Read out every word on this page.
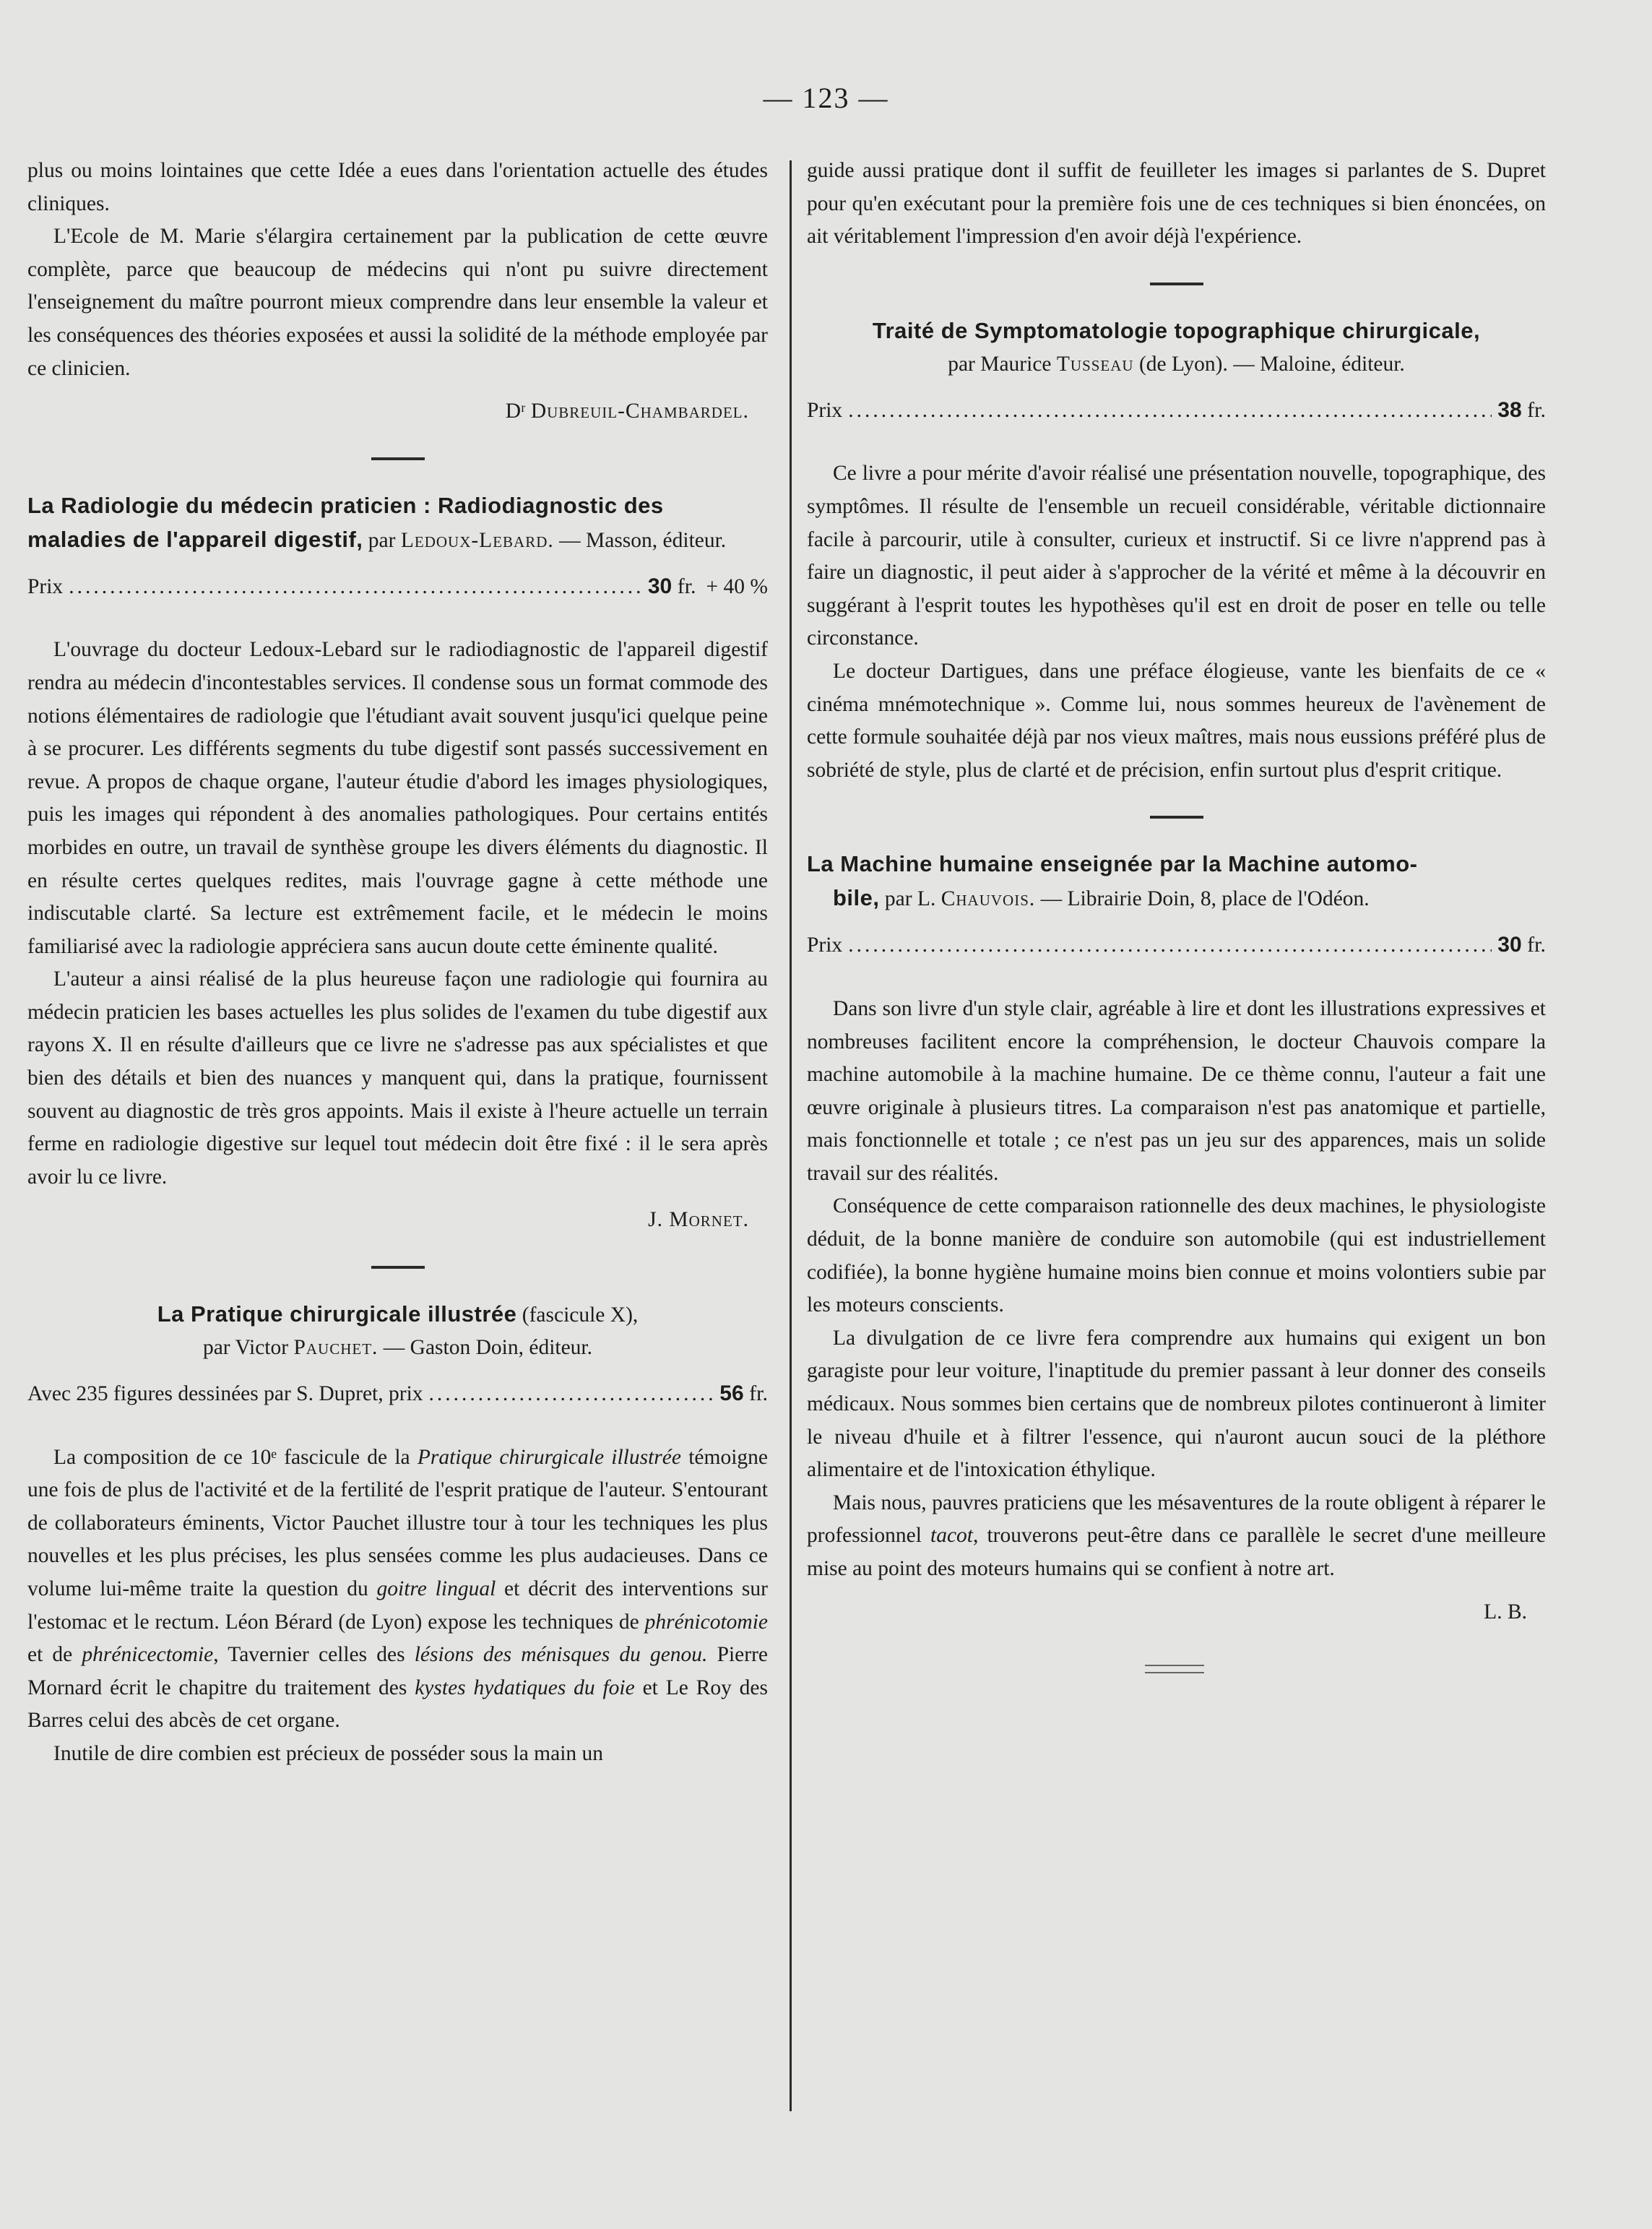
— 123 —

plus ou moins lointaines que cette Idée a eues dans l'orientation actuelle des études cliniques.

L'Ecole de M. Marie s'élargira certainement par la publication de cette œuvre complète, parce que beaucoup de médecins qui n'ont pu suivre directement l'enseignement du maître pourront mieux comprendre dans leur ensemble la valeur et les conséquences des théories exposées et aussi la solidité de la méthode employée par ce clinicien.

Dʳ Dubreuil-Chambardel.

La Radiologie du médecin praticien : Radiodiagnostic des maladies de l'appareil digestif, par Ledoux-Lebard. — Masson, éditeur.

Prix .....	30 fr. + 40 %

L'ouvrage du docteur Ledoux-Lebard sur le radiodiagnostic de l'appareil digestif rendra au médecin d'incontestables services. Il condense sous un format commode des notions élémentaires de radiologie que l'étudiant avait souvent jusqu'ici quelque peine à se procurer. Les différents segments du tube digestif sont passés successivement en revue. A propos de chaque organe, l'auteur étudie d'abord les images physiologiques, puis les images qui répondent à des anomalies pathologiques. Pour certains entités morbides en outre, un travail de synthèse groupe les divers éléments du diagnostic. Il en résulte certes quelques redites, mais l'ouvrage gagne à cette méthode une indiscutable clarté. Sa lecture est extrêmement facile, et le médecin le moins familiarisé avec la radiologie appréciera sans aucun doute cette éminente qualité.

L'auteur a ainsi réalisé de la plus heureuse façon une radiologie qui fournira au médecin praticien les bases actuelles les plus solides de l'examen du tube digestif aux rayons X. Il en résulte d'ailleurs que ce livre ne s'adresse pas aux spécialistes et que bien des détails et bien des nuances y manquent qui, dans la pratique, fournissent souvent au diagnostic de très gros appoints. Mais il existe à l'heure actuelle un terrain ferme en radiologie digestive sur lequel tout médecin doit être fixé : il le sera après avoir lu ce livre.

J. Mornet.

La Pratique chirurgicale illustrée (fascicule X),
par Victor Pauchet. — Gaston Doin, éditeur.

Avec 235 figures dessinées par S. Dupret, prix .....	56 fr.

La composition de ce 10ᵉ fascicule de la Pratique chirurgicale illustrée témoigne une fois de plus de l'activité et de la fertilité de l'esprit pratique de l'auteur. S'entourant de collaborateurs éminents, Victor Pauchet illustre tour à tour les techniques les plus nouvelles et les plus précises, les plus sensées comme les plus audacieuses. Dans ce volume lui-même traite la question du goitre lingual et décrit des interventions sur l'estomac et le rectum. Léon Bérard (de Lyon) expose les techniques de phrénicotomie et de phrénicectomie, Tavernier celles des lésions des ménisques du genou. Pierre Mornard écrit le chapitre du traitement des kystes hydatiques du foie et Le Roy des Barres celui des abcès de cet organe.

Inutile de dire combien est précieux de posséder sous la main un

guide aussi pratique dont il suffit de feuilleter les images si parlantes de S. Dupret pour qu'en exécutant pour la première fois une de ces techniques si bien énoncées, on ait véritablement l'impression d'en avoir déjà l'expérience.

Traité de Symptomatologie topographique chirurgicale,
par Maurice Tusseau (de Lyon). — Maloine, éditeur.

Prix .....	38 fr.

Ce livre a pour mérite d'avoir réalisé une présentation nouvelle, topographique, des symptômes. Il résulte de l'ensemble un recueil considérable, véritable dictionnaire facile à parcourir, utile à consulter, curieux et instructif. Si ce livre n'apprend pas à faire un diagnostic, il peut aider à s'approcher de la vérité et même à la découvrir en suggérant à l'esprit toutes les hypothèses qu'il est en droit de poser en telle ou telle circonstance.

Le docteur Dartigues, dans une préface élogieuse, vante les bienfaits de ce « cinéma mnémotechnique ». Comme lui, nous sommes heureux de l'avènement de cette formule souhaitée déjà par nos vieux maîtres, mais nous eussions préféré plus de sobriété de style, plus de clarté et de précision, enfin surtout plus d'esprit critique.

La Machine humaine enseignée par la Machine automo-
bile, par L. Chauvois. — Librairie Doin, 8, place de l'Odéon.

Prix .....	30 fr.

Dans son livre d'un style clair, agréable à lire et dont les illustrations expressives et nombreuses facilitent encore la compréhension, le docteur Chauvois compare la machine automobile à la machine humaine. De ce thème connu, l'auteur a fait une œuvre originale à plusieurs titres. La comparaison n'est pas anatomique et partielle, mais fonctionnelle et totale ; ce n'est pas un jeu sur des apparences, mais un solide travail sur des réalités.

Conséquence de cette comparaison rationnelle des deux machines, le physiologiste déduit, de la bonne manière de conduire son automobile (qui est industriellement codifiée), la bonne hygiène humaine moins bien connue et moins volontiers subie par les moteurs conscients.

La divulgation de ce livre fera comprendre aux humains qui exigent un bon garagiste pour leur voiture, l'inaptitude du premier passant à leur donner des conseils médicaux. Nous sommes bien certains que de nombreux pilotes continueront à limiter le niveau d'huile et à filtrer l'essence, qui n'auront aucun souci de la pléthore alimentaire et de l'intoxication éthylique.

Mais nous, pauvres praticiens que les mésaventures de la route obligent à réparer le professionnel tacot, trouverons peut-être dans ce parallèle le secret d'une meilleure mise au point des moteurs humains qui se confient à notre art.

L. B.
